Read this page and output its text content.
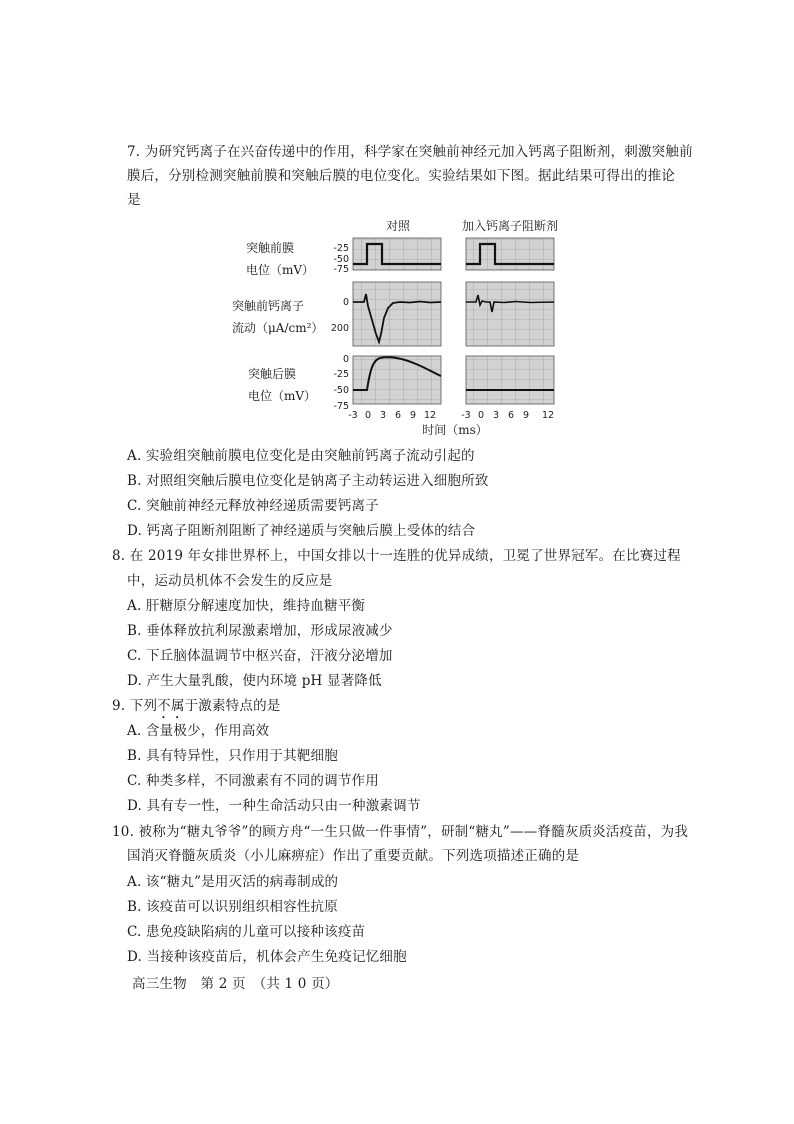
7. 为研究钙离子在兴奋传递中的作用，科学家在突触前神经元加入钙离子阻断剂，刺激突触前
膜后，分别检测突触前膜和突触后膜的电位变化。实验结果如下图。据此结果可得出的推论
是
突触前膜
电位（mV）
突触前钙离子
流动（μA/cm²）
突触后膜
电位（mV）
对照	加入钙离子阻断剂
-25
-50
-75
0
200
0
-25
-50
-75
-3 0 3 6 9 12	-3 0 3 6 9 12
时间（ms）
A. 实验组突触前膜电位变化是由突触前钙离子流动引起的
B. 对照组突触后膜电位变化是钠离子主动转运进入细胞所致
C. 突触前神经元释放神经递质需要钙离子
D. 钙离子阻断剂阻断了神经递质与突触后膜上受体的结合
8. 在 2019 年女排世界杯上，中国女排以十一连胜的优异成绩，卫冕了世界冠军。在比赛过程
中，运动员机体不会发生的反应是
A. 肝糖原分解速度加快，维持血糖平衡
B. 垂体释放抗利尿激素增加，形成尿液减少
C. 下丘脑体温调节中枢兴奋，汗液分泌增加
D. 产生大量乳酸，使内环境 pH 显著降低
9. 下列不属于激素特点的是
A. 含量极少，作用高效
B. 具有特异性，只作用于其靶细胞
C. 种类多样，不同激素有不同的调节作用
D. 具有专一性，一种生命活动只由一种激素调节
10. 被称为“糖丸爷爷”的顾方舟“一生只做一件事情”，研制“糖丸”——脊髓灰质炎活疫苗，为我
国消灭脊髓灰质炎（小儿麻痹症）作出了重要贡献。下列选项描述正确的是
A. 该“糖丸”是用灭活的病毒制成的
B. 该疫苗可以识别组织相容性抗原
C. 患免疫缺陷病的儿童可以接种该疫苗
D. 当接种该疫苗后，机体会产生免疫记忆细胞
高三生物　第 2 页　（共 1 0 页）
